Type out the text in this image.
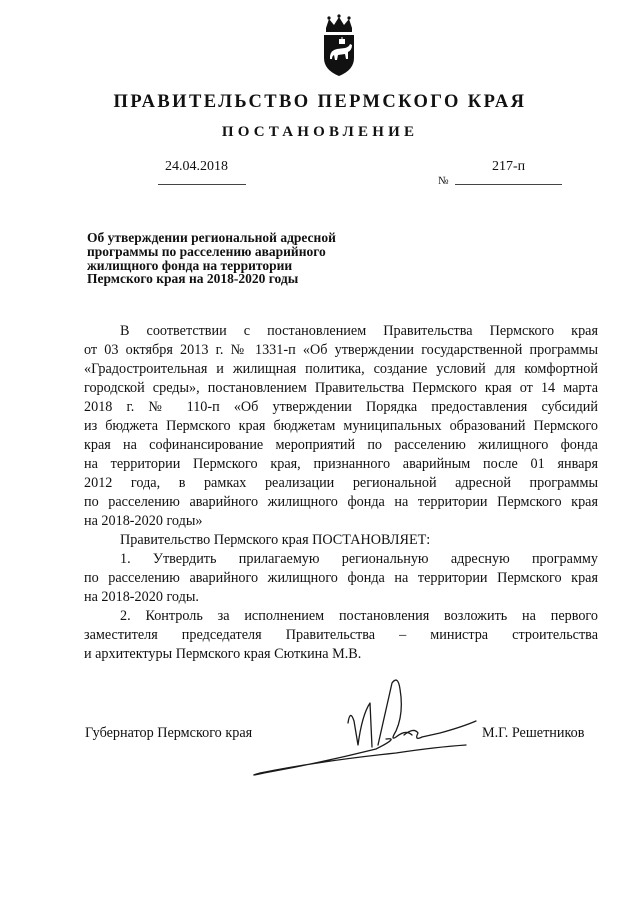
ПРАВИТЕЛЬСТВО ПЕРМСКОГО КРАЯ
ПОСТАНОВЛЕНИЕ
24.04.2018
№
217-п
Об утверждении региональной адресной
программы по расселению аварийного
жилищного фонда на территории
Пермского края на 2018-2020 годы

В соответствии с постановлением Правительства Пермского края

от 03 октября 2013 г. № 1331-п «Об утверждении государственной программы

«Градостроительная и жилищная политика, создание условий для комфортной

городской среды», постановлением Правительства Пермского края от 14 марта

2018 г. № 110-п «Об утверждении Порядка предоставления субсидий

из бюджета Пермского края бюджетам муниципальных образований Пермского

края на софинансирование мероприятий по расселению жилищного фонда

на территории Пермского края, признанного аварийным после 01 января

2012 года, в рамках реализации региональной адресной программы

по расселению аварийного жилищного фонда на территории Пермского края

на 2018-2020 годы»

Правительство Пермского края ПОСТАНОВЛЯЕТ:

1. Утвердить прилагаемую региональную адресную программу

по расселению аварийного жилищного фонда на территории Пермского края

на 2018-2020 годы.

2. Контроль за исполнением постановления возложить на первого

заместителя председателя Правительства – министра строительства

и архитектуры Пермского края Сюткина М.В.

Губернатор Пермского края	М.Г. Решетников
